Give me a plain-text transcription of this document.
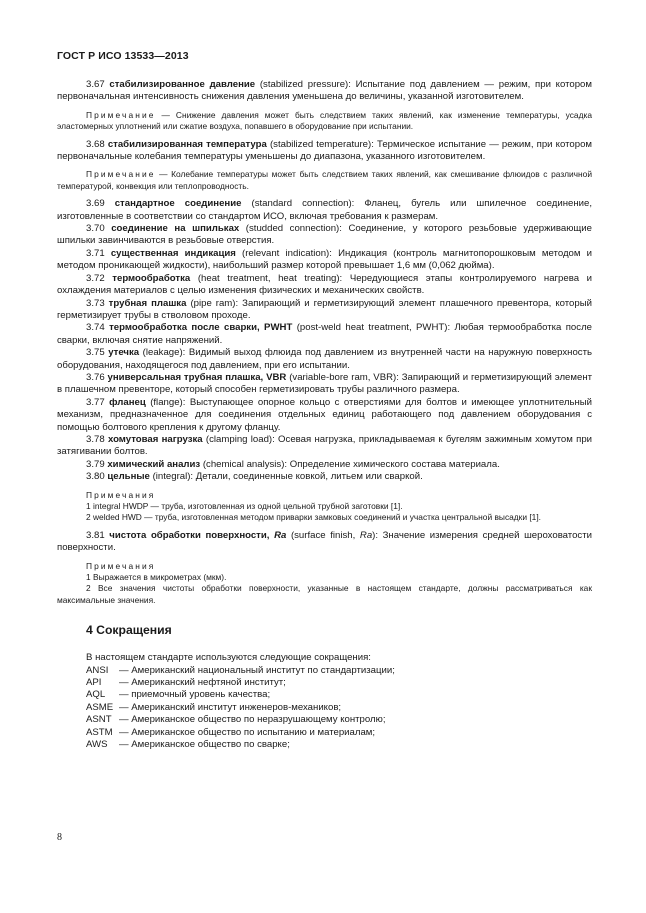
ГОСТ Р ИСО 13533—2013

3.67 стабилизированное давление (stabilized pressure): Испытание под давлением — режим, при котором первоначальная интенсивность снижения давления уменьшена до величины, указанной изготовителем.

Примечание — Снижение давления может быть следствием таких явлений, как изменение температуры, усадка эластомерных уплотнений или сжатие воздуха, попавшего в оборудование при испытании.

3.68 стабилизированная температура (stabilized temperature): Термическое испытание — режим, при котором первоначальные колебания температуры уменьшены до диапазона, указанного изготовителем.

Примечание — Колебание температуры может быть следствием таких явлений, как смешивание флюидов с различной температурой, конвекция или теплопроводность.

3.69 стандартное соединение (standard connection): Фланец, бугель или шпилечное соединение, изготовленные в соответствии со стандартом ИСО, включая требования к размерам.

3.70 соединение на шпильках (studded connection): Соединение, у которого резьбовые удерживающие шпильки завинчиваются в резьбовые отверстия.

3.71 существенная индикация (relevant indication): Индикация (контроль магнитопорошковым методом и методом проникающей жидкости), наибольший размер которой превышает 1,6 мм (0,062 дюйма).

3.72 термообработка (heat treatment, heat treating): Чередующиеся этапы контролируемого нагрева и охлаждения материалов с целью изменения физических и механических свойств.

3.73 трубная плашка (pipe ram): Запирающий и герметизирующий элемент плашечного превентора, который герметизирует трубы в стволовом проходе.

3.74 термообработка после сварки, PWHT (post-weld heat treatment, PWHT): Любая термообработка после сварки, включая снятие напряжений.

3.75 утечка (leakage): Видимый выход флюида под давлением из внутренней части на наружную поверхность оборудования, находящегося под давлением, при его испытании.

3.76 универсальная трубная плашка, VBR (variable-bore ram, VBR): Запирающий и герметизирующий элемент в плашечном превенторе, который способен герметизировать трубы различного размера.

3.77 фланец (flange): Выступающее опорное кольцо с отверстиями для болтов и имеющее уплотнительный механизм, предназначенное для соединения отдельных единиц работающего под давлением оборудования с помощью болтового крепления к другому фланцу.

3.78 хомутовая нагрузка (clamping load): Осевая нагрузка, прикладываемая к бугелям зажимным хомутом при затягивании болтов.

3.79 химический анализ (chemical analysis): Определение химического состава материала.

3.80 цельные (integral): Детали, соединенные ковкой, литьем или сваркой.

Примечания

1 integral HWDP — труба, изготовленная из одной цельной трубной заготовки [1].

2 welded HWD — труба, изготовленная методом приварки замковых соединений и участка центральной высадки [1].

3.81 чистота обработки поверхности, Ra (surface finish, Ra): Значение измерения средней шероховатости поверхности.

Примечания

1 Выражается в микрометрах (мкм).

2 Все значения чистоты обработки поверхности, указанные в настоящем стандарте, должны рассматриваться как максимальные значения.

4 Сокращения

В настоящем стандарте используются следующие сокращения:

ANSI	— Американский национальный институт по стандартизации;
API	— Американский нефтяной институт;
AQL	— приемочный уровень качества;
ASME — Американский институт инженеров-механиков;
ASNT — Американское общество по неразрушающему контролю;
ASTM — Американское общество по испытанию и материалам;
AWS	— Американское общество по сварке;
8
